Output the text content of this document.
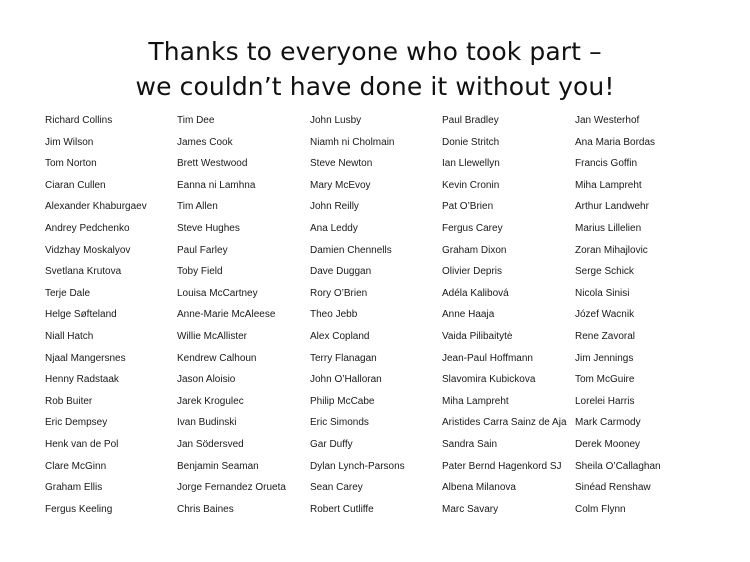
Thanks to everyone who took part –
we couldn’t have done it without you!
Richard Collins
Jim Wilson
Tom Norton
Ciaran Cullen
Alexander Khaburgaev
Andrey Pedchenko
Vidzhay Moskalyov
Svetlana Krutova
Terje Dale
Helge Søfteland
Niall Hatch
Njaal Mangersnes
Henny Radstaak
Rob Buiter
Eric Dempsey
Henk van de Pol
Clare McGinn
Graham Ellis
Fergus Keeling
Tim Dee
James Cook
Brett Westwood
Eanna ni Lamhna
Tim Allen
Steve Hughes
Paul Farley
Toby Field
Louisa McCartney
Anne-Marie McAleese
Willie McAllister
Kendrew Calhoun
Jason Aloisio
Jarek Krogulec
Ivan Budinski
Jan Södersved
Benjamin Seaman
Jorge Fernandez Orueta
Chris Baines
John Lusby
Niamh ni Cholmain
Steve Newton
Mary McEvoy
John Reilly
Ana Leddy
Damien Chennells
Dave Duggan
Rory O’Brien
Theo Jebb
Alex Copland
Terry Flanagan
John O’Halloran
Philip McCabe
Eric Simonds
Gar Duffy
Dylan Lynch-Parsons
Sean Carey
Robert Cutliffe
Paul Bradley
Donie Stritch
Ian Llewellyn
Kevin Cronin
Pat O’Brien
Fergus Carey
Graham Dixon
Olivier Depris
Adéla Kalibová
Anne Haaja
Vaida Pilibaitytė
Jean-Paul Hoffmann
Slavomira Kubickova
Miha Lampreht
Aristides Carra Sainz de Aja
Sandra Sain
Pater Bernd Hagenkord SJ
Albena Milanova
Marc Savary
Jan Westerhof
Ana Maria Bordas
Francis Goffin
Miha Lampreht
Arthur Landwehr
Marius Lillelien
Zoran Mihajlovic
Serge Schick
Nicola Sinisi
Józef Wacnik
Rene Zavoral
Jim Jennings
Tom McGuire
Lorelei Harris
Mark Carmody
Derek Mooney
Sheila O’Callaghan
Sinéad Renshaw
Colm Flynn
